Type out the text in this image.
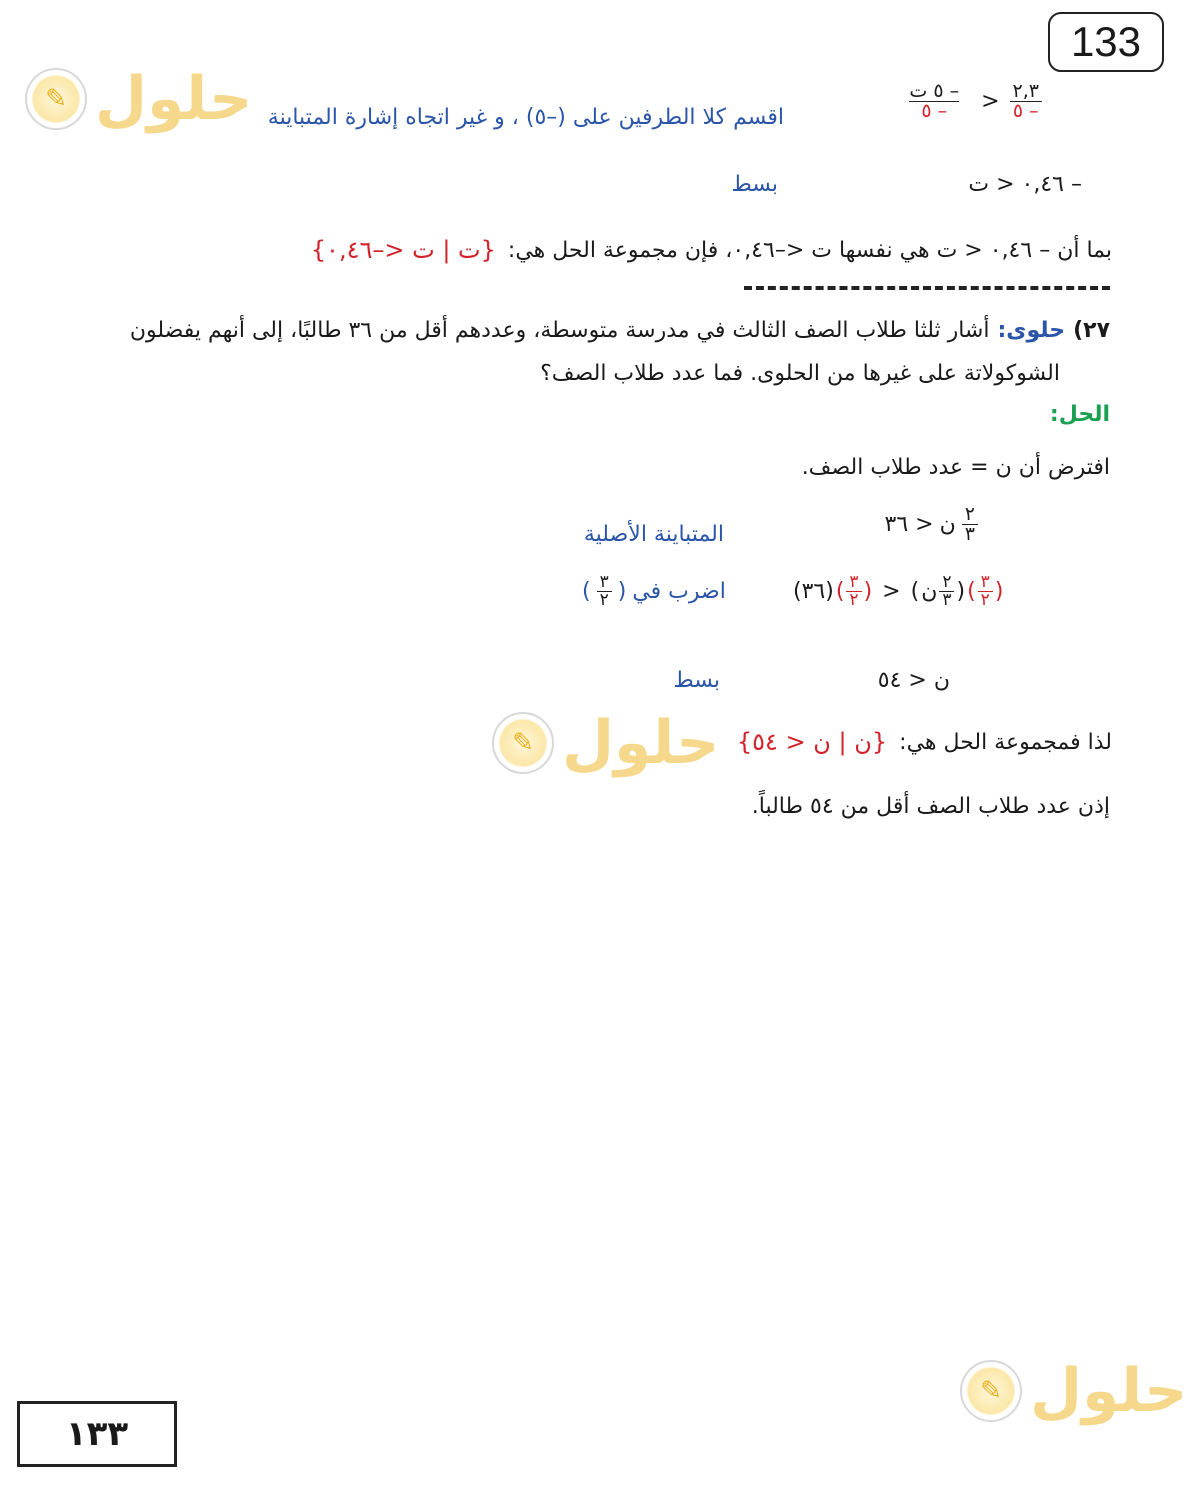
133
✎ حلول	$\frac{٢,٣}{- ٥}$
<
$\frac{\text{– ٥ ت}}{- ٥}$
اقسم كلا الطرفين على (–٥) ، و غير اتجاه إشارة المتباينة
– ٠,٤٦ < ت
بسط
بما أن – ٠,٤٦ < ت هي نفسها ت <–٠,٤٦، فإن مجموعة الحل هي:
{ت | ت <–٠,٤٦}
٢٧)
حلوى:
أشار ثلثا طلاب الصف الثالث في مدرسة متوسطة، وعددهم أقل من ٣٦ طالبًا، إلى أنهم يفضلون
الشوكولاتة على غيرها من الحلوى. فما عدد طلاب الصف؟
الحل:
افترض أن ن = عدد طلاب الصف.
$\frac{٢}{٣}$
ن
< ٣٦
المتباينة الأصلية
(٣٦) ( $\frac{٣}{٢}$ ) > ( ن $\frac{٢}{٣}$ ) ( $\frac{٣}{٢}$ )
( $\frac{٣}{٢}$ ) اضرب في
ن < ٥٤
بسط
لذا فمجموعة الحل هي:
{ن | ن < ٥٤}
✎ حلول
إذن عدد طلاب الصف أقل من ٥٤ طالباً.
✎ حلول
١٣٣
